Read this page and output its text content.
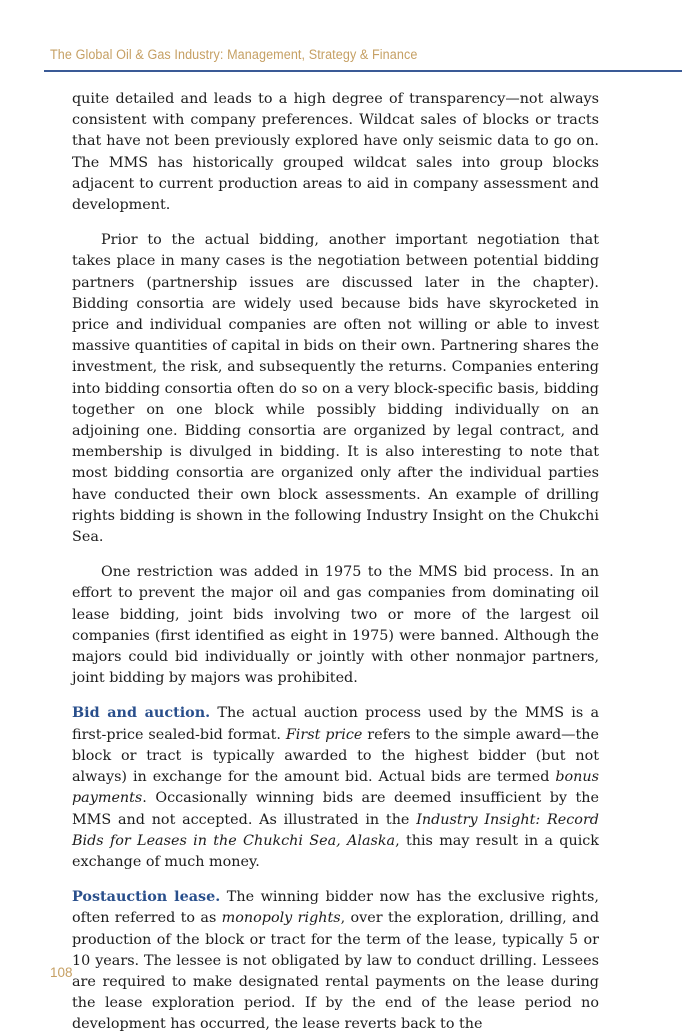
The Global Oil & Gas Industry: Management, Strategy & Finance

quite detailed and leads to a high degree of transparency—not always consistent with company preferences. Wildcat sales of blocks or tracts that have not been previously explored have only seismic data to go on. The MMS has historically grouped wildcat sales into group blocks adjacent to current production areas to aid in company assessment and development.

Prior to the actual bidding, another important negotiation that takes place in many cases is the negotiation between potential bidding partners (partnership issues are discussed later in the chapter). Bidding consortia are widely used because bids have skyrocketed in price and individual companies are often not willing or able to invest massive quantities of capital in bids on their own. Partnering shares the investment, the risk, and subsequently the returns. Companies entering into bidding consortia often do so on a very block-specific basis, bidding together on one block while possibly bidding individually on an adjoining one. Bidding consortia are organized by legal contract, and membership is divulged in bidding. It is also interesting to note that most bidding consortia are organized only after the individual parties have conducted their own block assessments. An example of drilling rights bidding is shown in the following Industry Insight on the Chukchi Sea.

One restriction was added in 1975 to the MMS bid process. In an effort to prevent the major oil and gas companies from dominating oil lease bidding, joint bids involving two or more of the largest oil companies (first identified as eight in 1975) were banned. Although the majors could bid individually or jointly with other nonmajor partners, joint bidding by majors was prohibited.

Bid and auction. The actual auction process used by the MMS is a first-price sealed-bid format. First price refers to the simple award—the block or tract is typically awarded to the highest bidder (but not always) in exchange for the amount bid. Actual bids are termed bonus payments. Occasionally winning bids are deemed insufficient by the MMS and not accepted. As illustrated in the Industry Insight: Record Bids for Leases in the Chukchi Sea, Alaska, this may result in a quick exchange of much money.

Postauction lease. The winning bidder now has the exclusive rights, often referred to as monopoly rights, over the exploration, drilling, and production of the block or tract for the term of the lease, typically 5 or 10 years. The lessee is not obligated by law to conduct drilling. Lessees are required to make designated rental payments on the lease during the lease exploration period. If by the end of the lease period no development has occurred, the lease reverts back to the

108
